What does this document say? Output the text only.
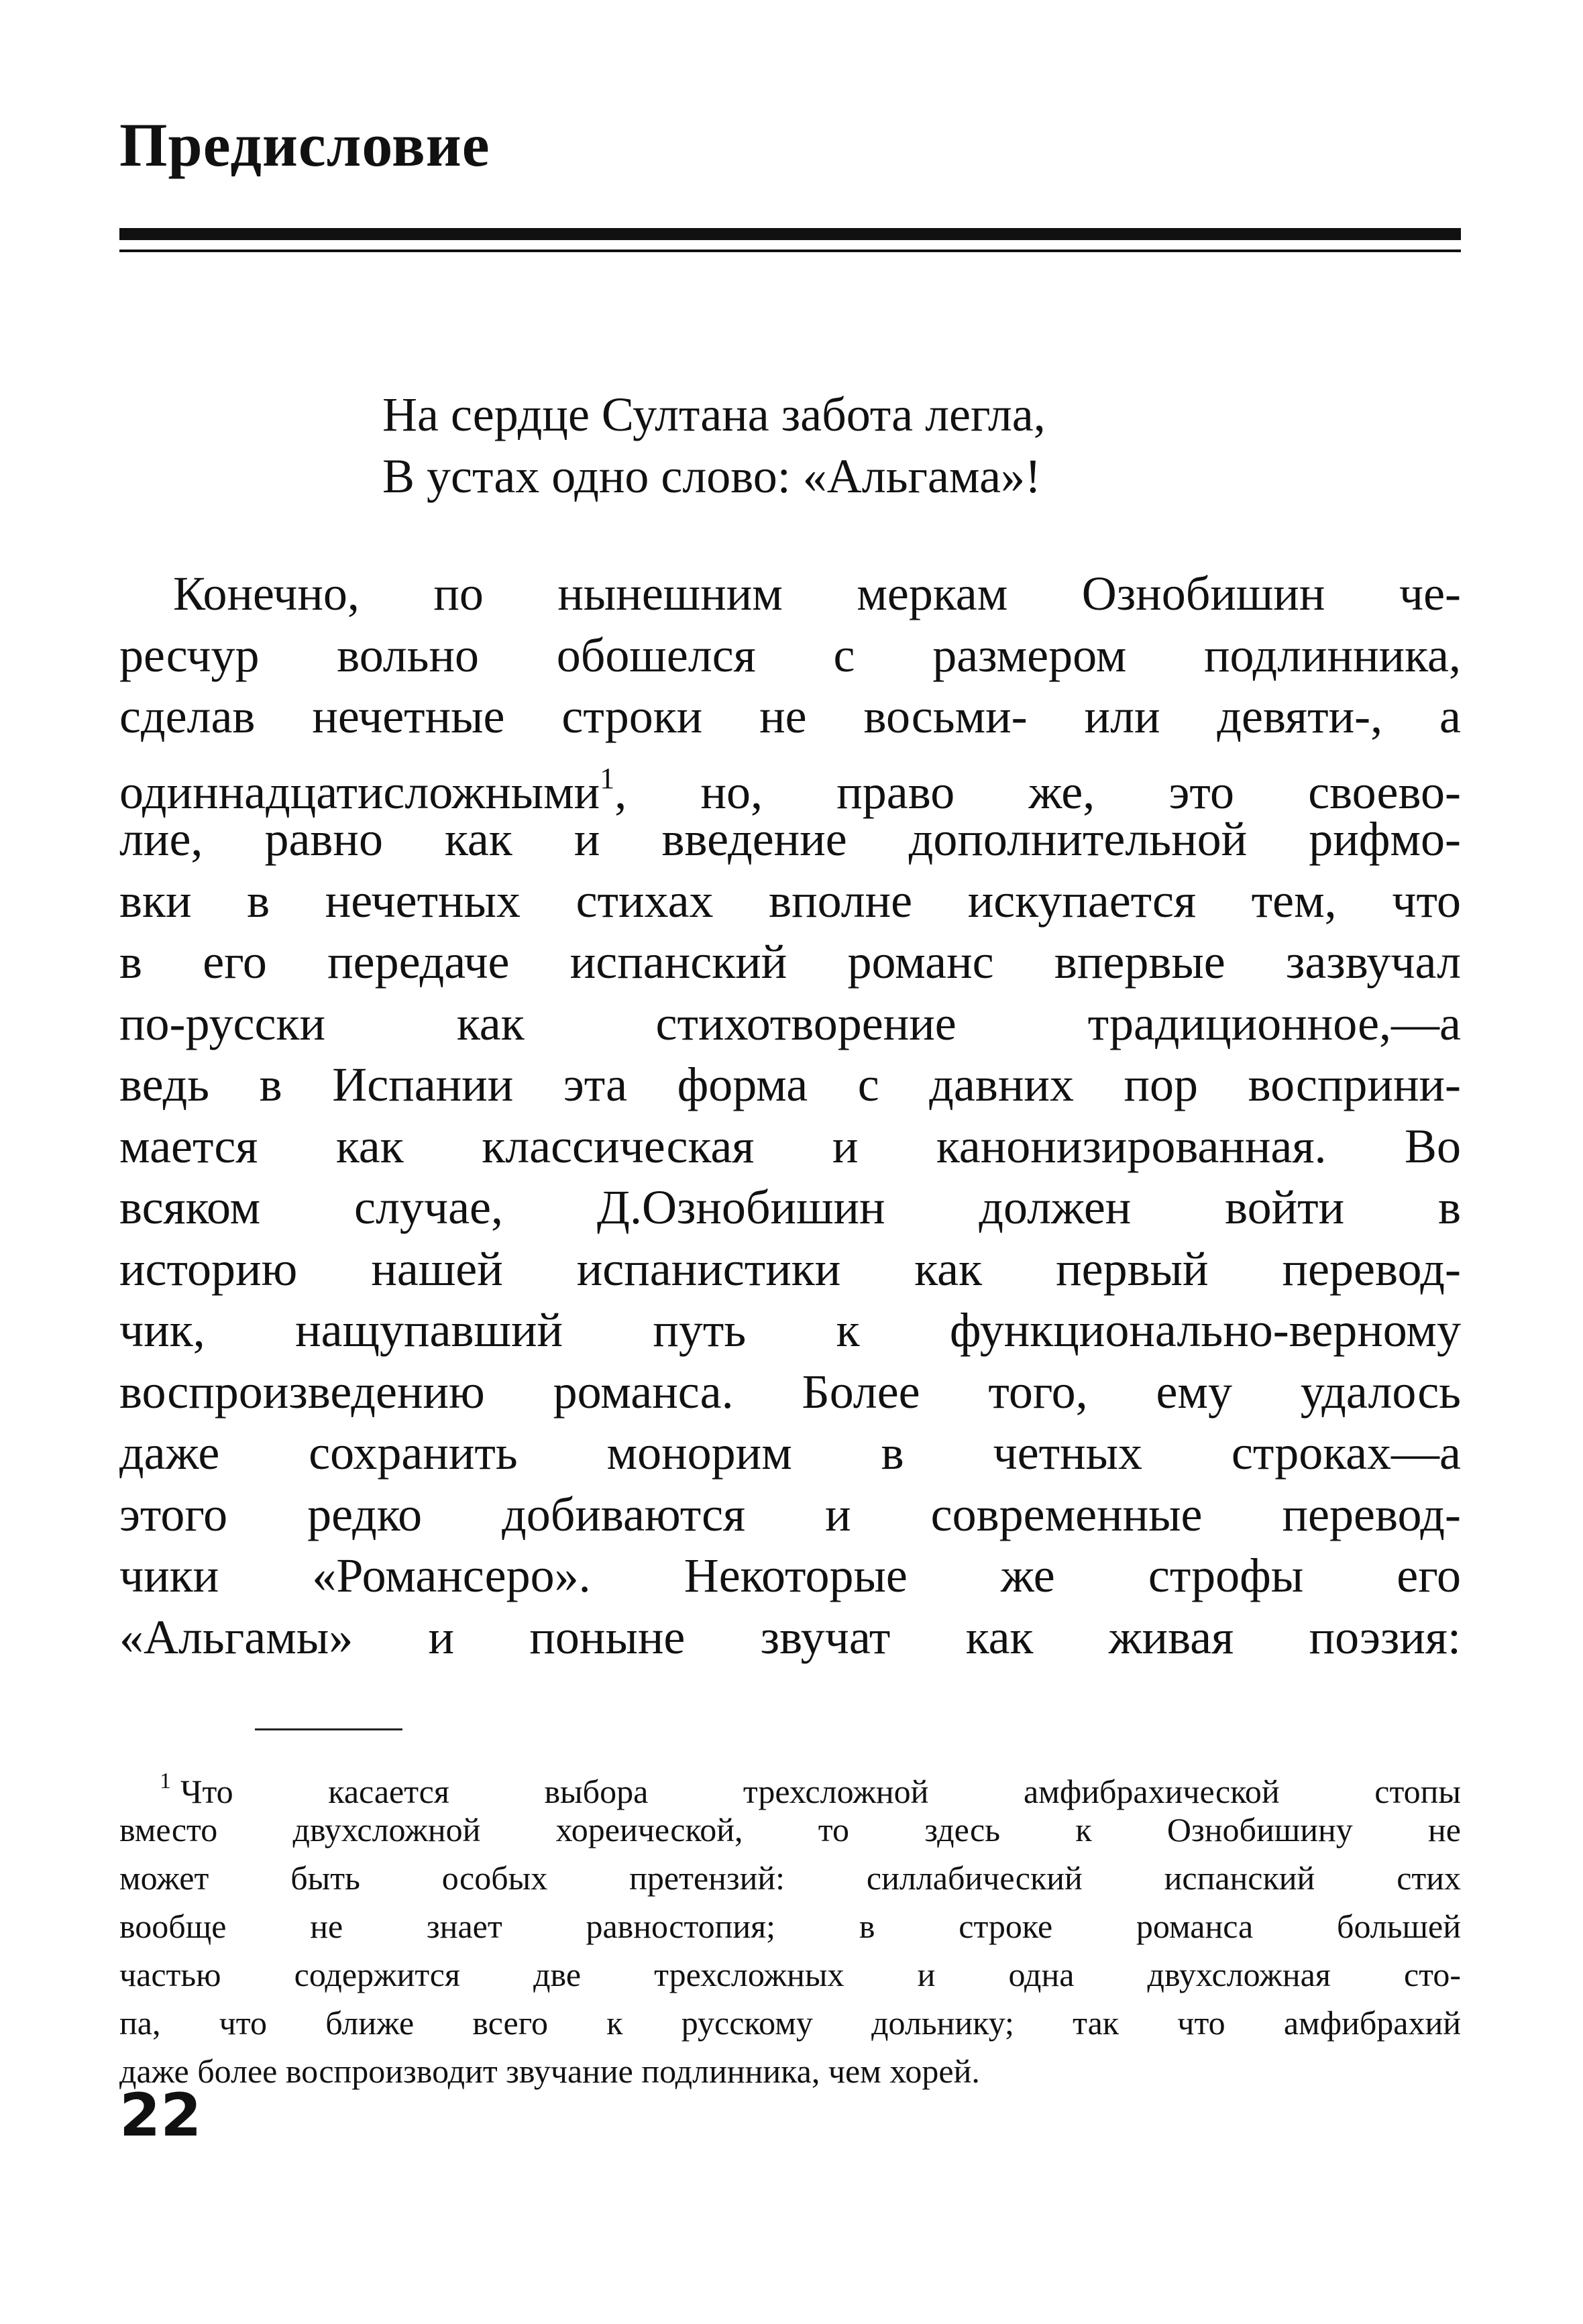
Предисловие
На сердце Султана забота легла,
В устах одно слово: «Альгама»!
Конечно, по нынешним меркам Ознобишин че-
ресчур вольно обошелся с размером подлинника,
сделав нечетные строки не восьми- или девяти-, а
одиннадцатисложными$^1$, но, право же, это своево-
лие, равно как и введение дополнительной рифмо-
вки в нечетных стихах вполне искупается тем, что
в его передаче испанский романс впервые зазвучал
по-русски как стихотворение традиционное,—а
ведь в Испании эта форма с давних пор восприни-
мается как классическая и канонизированная. Во
всяком случае, Д.Ознобишин должен войти в
историю нашей испанистики как первый перевод-
чик, нащупавший путь к функционально-верному
воспроизведению романса. Более того, ему удалось
даже сохранить монорим в четных строках—а
этого редко добиваются и современные перевод-
чики «Романсеро». Некоторые же строфы его
«Альгамы» и поныне звучат как живая поэзия:
$^1$ Что касается выбора трехсложной амфибрахической стопы
вместо двухсложной хореической, то здесь к Ознобишину не
может быть особых претензий: силлабический испанский стих
вообще не знает равностопия; в строке романса большей
частью содержится две трехсложных и одна двухсложная сто-
па, что ближе всего к русскому дольнику; так что амфибрахий
даже более воспроизводит звучание подлинника, чем хорей.
22
